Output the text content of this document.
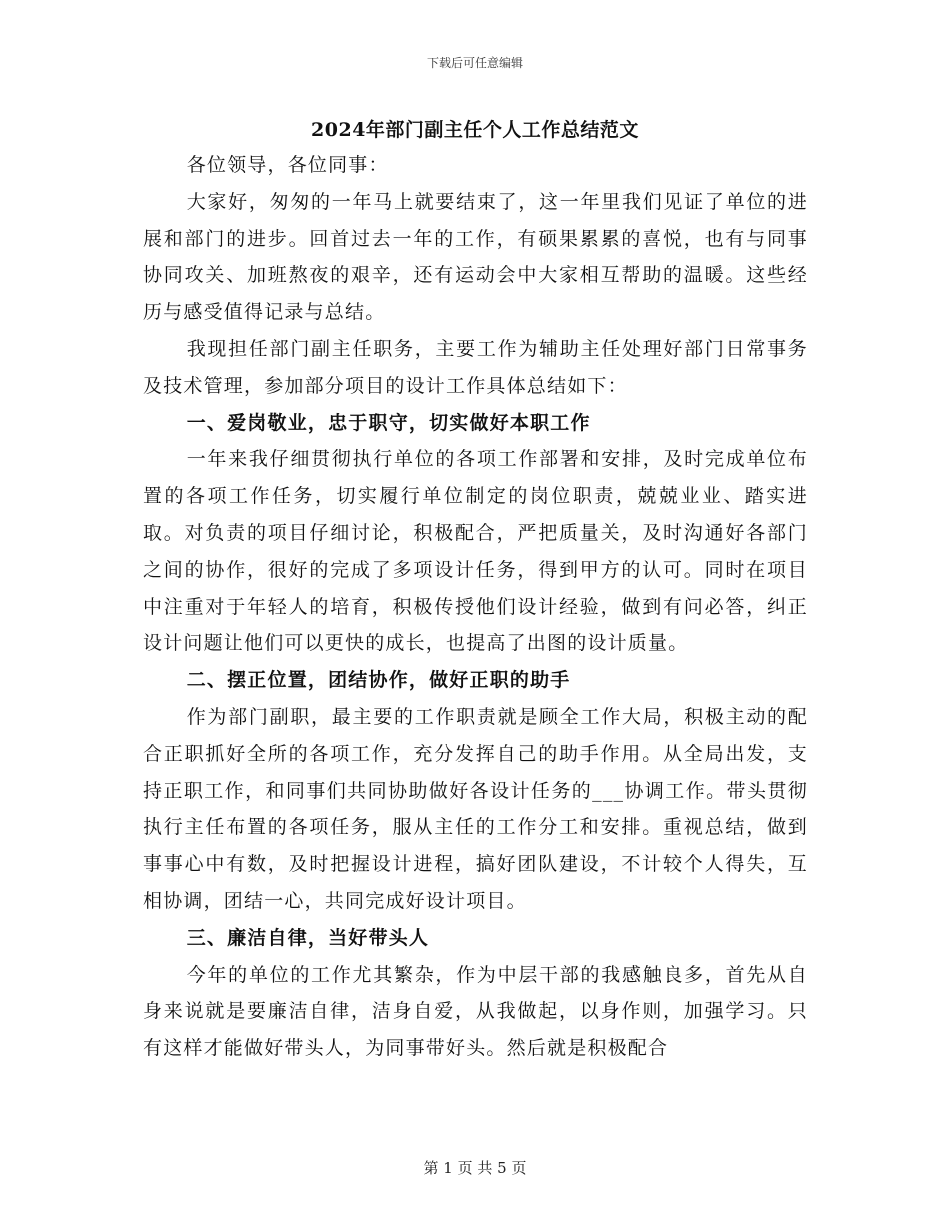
下载后可任意编辑
2024年部门副主任个人工作总结范文

各位领导，各位同事：

大家好，匆匆的一年马上就要结束了，这一年里我们见证了单位的进展和部门的进步。回首过去一年的工作，有硕果累累的喜悦，也有与同事协同攻关、加班熬夜的艰辛，还有运动会中大家相互帮助的温暖。这些经历与感受值得记录与总结。

我现担任部门副主任职务，主要工作为辅助主任处理好部门日常事务及技术管理，参加部分项目的设计工作具体总结如下：

一、爱岗敬业，忠于职守，切实做好本职工作

一年来我仔细贯彻执行单位的各项工作部署和安排，及时完成单位布置的各项工作任务，切实履行单位制定的岗位职责，兢兢业业、踏实进取。对负责的项目仔细讨论，积极配合，严把质量关，及时沟通好各部门之间的协作，很好的完成了多项设计任务，得到甲方的认可。同时在项目中注重对于年轻人的培育，积极传授他们设计经验，做到有问必答，纠正设计问题让他们可以更快的成长，也提高了出图的设计质量。

二、摆正位置，团结协作，做好正职的助手

作为部门副职，最主要的工作职责就是顾全工作大局，积极主动的配合正职抓好全所的各项工作，充分发挥自己的助手作用。从全局出发，支持正职工作，和同事们共同协助做好各设计任务的___协调工作。带头贯彻执行主任布置的各项任务，服从主任的工作分工和安排。重视总结，做到事事心中有数，及时把握设计进程，搞好团队建设，不计较个人得失，互相协调，团结一心，共同完成好设计项目。

三、廉洁自律，当好带头人

今年的单位的工作尤其繁杂，作为中层干部的我感触良多，首先从自身来说就是要廉洁自律，洁身自爱，从我做起，以身作则，加强学习。只有这样才能做好带头人，为同事带好头。然后就是积极配合

第 1 页 共 5 页
